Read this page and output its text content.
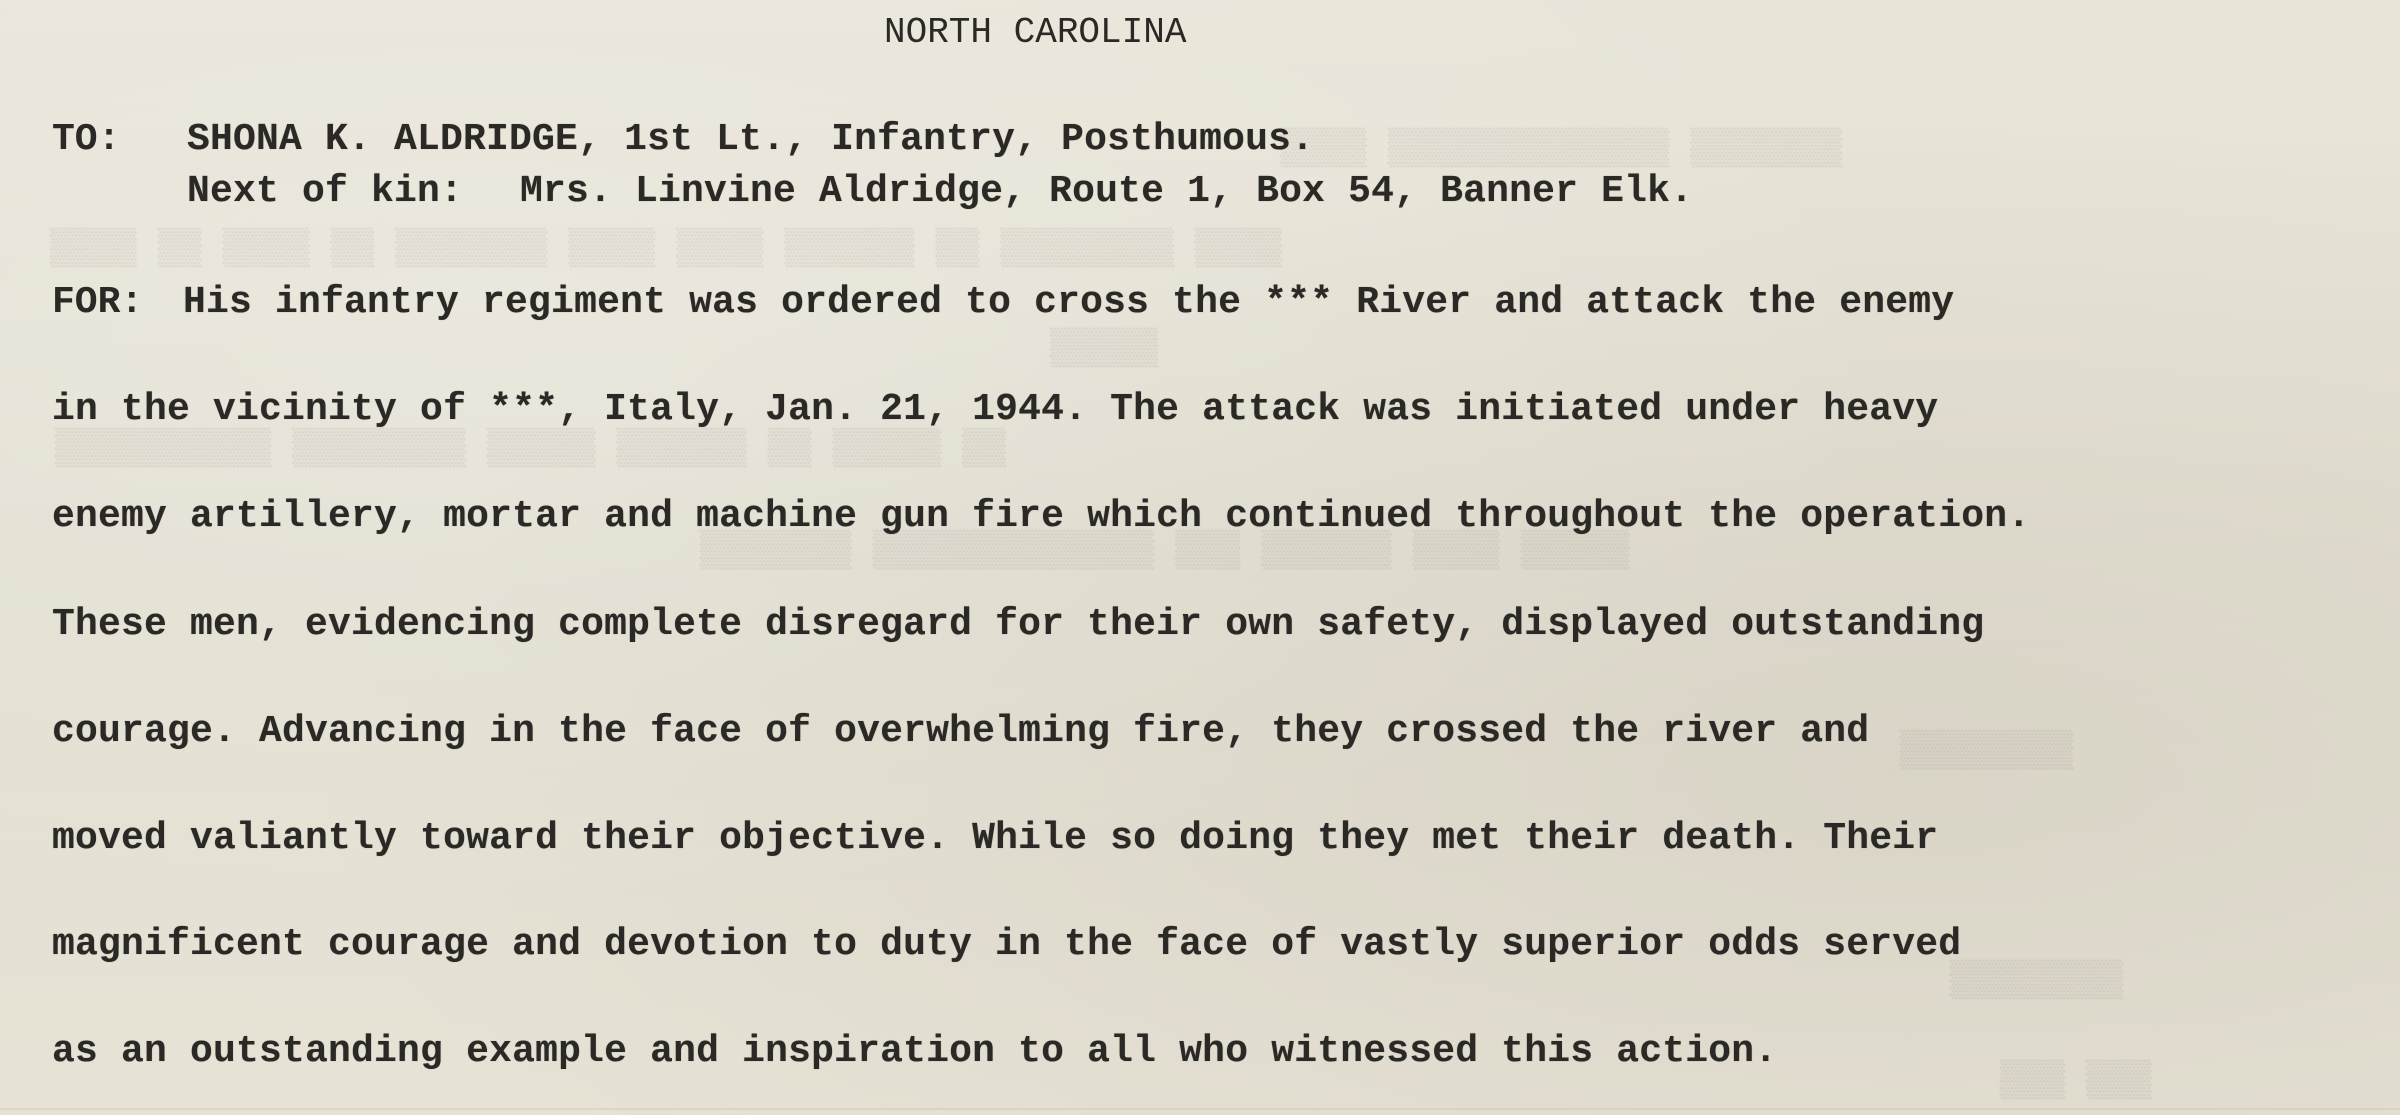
▒▒▒▒▒▒▒ ▒▒▒▒▒▒▒▒▒▒▒▒▒ ▒▒▒▒
▒▒▒▒ ▒▒▒▒▒▒▒▒ ▒▒ ▒▒▒▒▒▒ ▒▒▒▒ ▒▒▒▒ ▒▒▒▒▒▒▒ ▒▒ ▒▒▒▒ ▒▒ ▒▒▒▒
▒▒▒▒▒
▒▒ ▒▒▒▒▒ ▒▒ ▒▒▒▒▒▒ ▒▒▒▒▒ ▒▒▒▒▒▒▒▒ ▒▒▒▒▒▒▒▒▒▒
▒▒▒▒▒ ▒▒▒▒ ▒▒▒▒▒▒ ▒▒▒ ▒▒▒▒▒▒▒▒▒▒▒▒▒ ▒▒▒▒▒▒▒
▒▒▒▒▒▒▒▒
▒▒▒▒▒▒▒▒
▒▒▒ ▒▒▒
NORTH CAROLINA
TO: SHONA K. ALDRIDGE, 1st Lt., Infantry, Posthumous.
Next of kin: Mrs. Linvine Aldridge, Route 1, Box 54, Banner Elk.
FOR: His infantry regiment was ordered to cross the *** River and attack the enemy
in the vicinity of ***, Italy, Jan. 21, 1944. The attack was initiated under heavy
enemy artillery, mortar and machine gun fire which continued throughout the operation.
These men, evidencing complete disregard for their own safety, displayed outstanding
courage. Advancing in the face of overwhelming fire, they crossed the river and
moved valiantly toward their objective. While so doing they met their death. Their
magnificent courage and devotion to duty in the face of vastly superior odds served
as an outstanding example and inspiration to all who witnessed this action.
